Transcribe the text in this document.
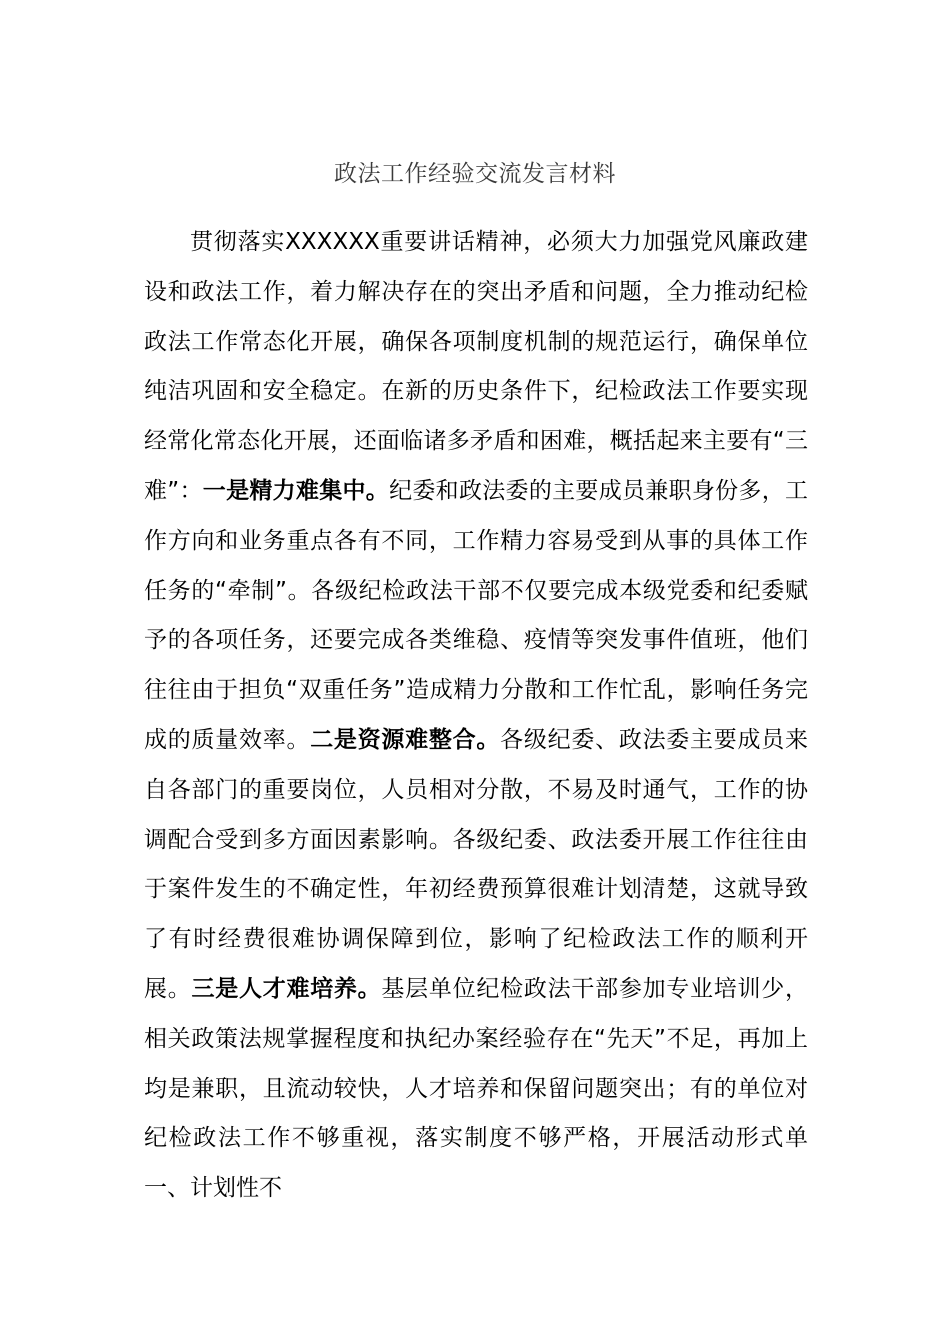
政法工作经验交流发言材料

贯彻落实XXXXXX重要讲话精神，必须大力加强党风廉政建设和政法工作，着力解决存在的突出矛盾和问题，全力推动纪检政法工作常态化开展，确保各项制度机制的规范运行，确保单位纯洁巩固和安全稳定。在新的历史条件下，纪检政法工作要实现经常化常态化开展，还面临诸多矛盾和困难，概括起来主要有“三难”：一是精力难集中。纪委和政法委的主要成员兼职身份多，工作方向和业务重点各有不同，工作精力容易受到从事的具体工作任务的“牵制”。各级纪检政法干部不仅要完成本级党委和纪委赋予的各项任务，还要完成各类维稳、疫情等突发事件值班，他们往往由于担负“双重任务”造成精力分散和工作忙乱，影响任务完成的质量效率。二是资源难整合。各级纪委、政法委主要成员来自各部门的重要岗位，人员相对分散，不易及时通气，工作的协调配合受到多方面因素影响。各级纪委、政法委开展工作往往由于案件发生的不确定性，年初经费预算很难计划清楚，这就导致了有时经费很难协调保障到位，影响了纪检政法工作的顺利开展。三是人才难培养。基层单位纪检政法干部参加专业培训少，相关政策法规掌握程度和执纪办案经验存在“先天”不足，再加上均是兼职，且流动较快，人才培养和保留问题突出；有的单位对纪检政法工作不够重视，落实制度不够严格，开展活动形式单一、计划性不
